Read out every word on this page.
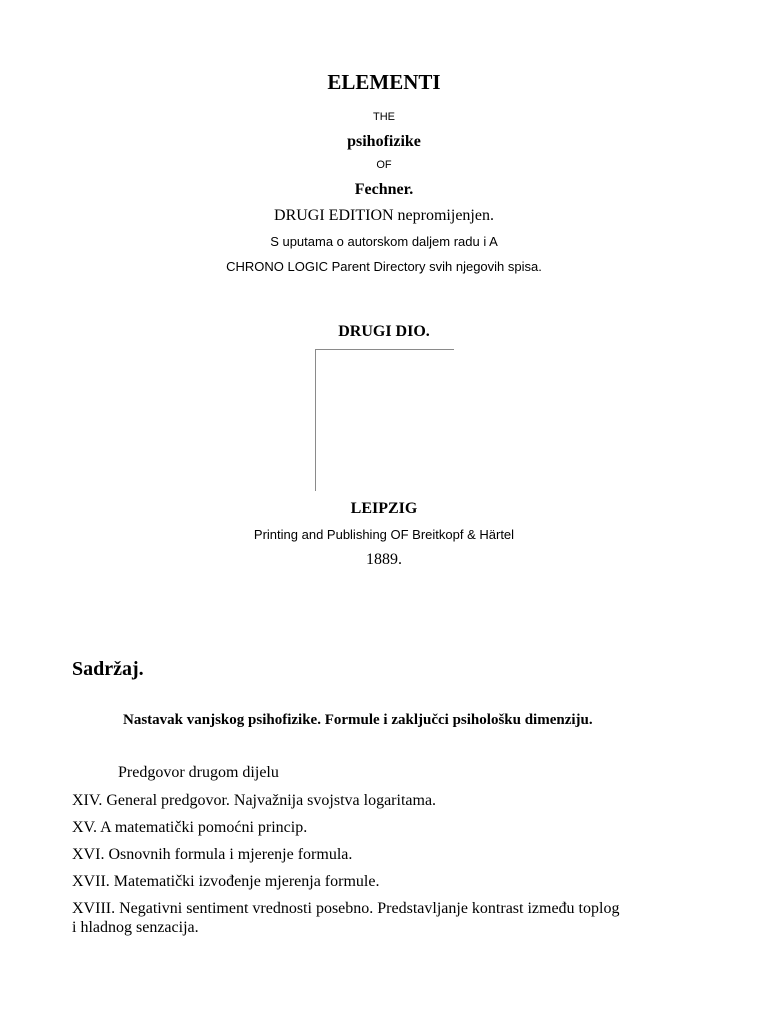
ELEMENTI
THE
psihofizike
OF
Fechner.
DRUGI EDITION nepromijenjen.
S uputama o autorskom daljem radu i A
CHRONO LOGIC Parent Directory svih njegovih spisa.
DRUGI DIO.
LEIPZIG
Printing and Publishing OF Breitkopf & Härtel
1889.
Sadržaj.
Nastavak vanjskog psihofizike. Formule i zaključci psihološku dimenziju.
Predgovor drugom dijelu
XIV. General predgovor. Najvažnija svojstva logaritama.
XV. A matematički pomoćni princip.
XVI. Osnovnih formula i mjerenje formula.
XVII. Matematički izvođenje mjerenja formule.
XVIII. Negativni sentiment vrednosti posebno. Predstavljanje kontrast između toplog
i hladnog senzacija.
